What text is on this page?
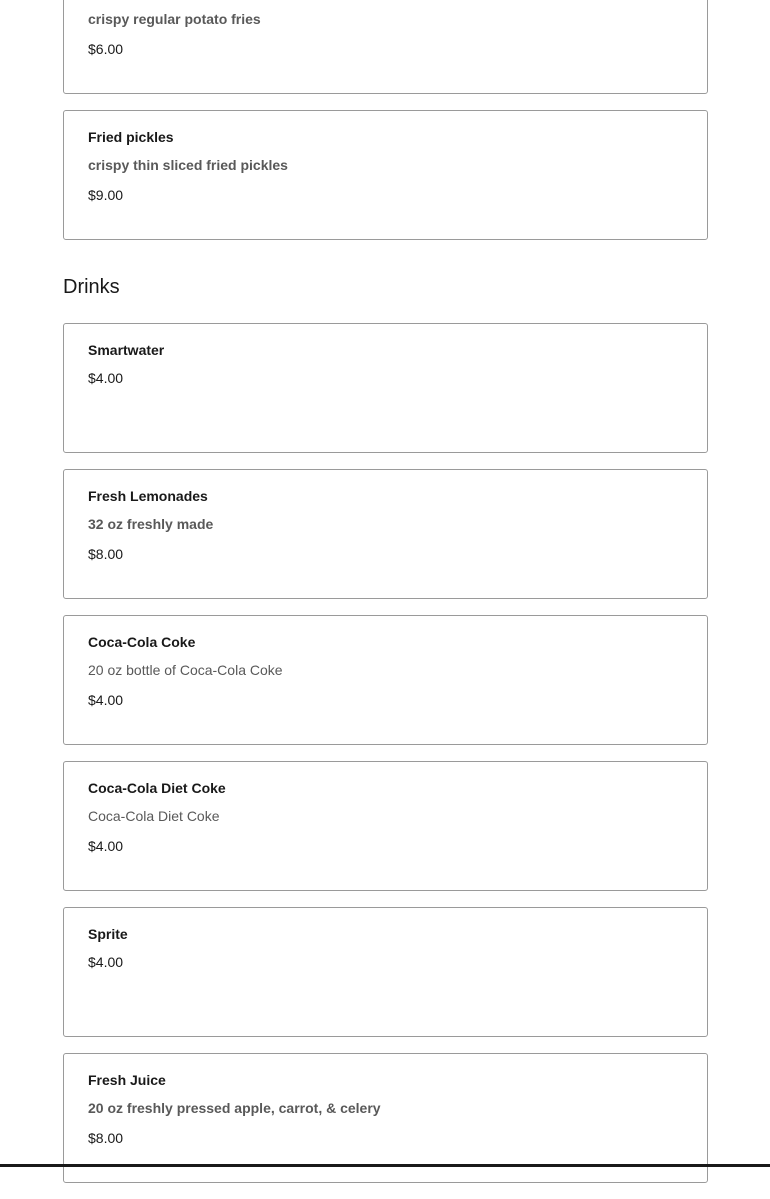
crispy regular potato fries
$6.00
Fried pickles
crispy thin sliced fried pickles
$9.00
Drinks
Smartwater
$4.00
Fresh Lemonades
32 oz freshly made
$8.00
Coca-Cola Coke
20 oz bottle of Coca-Cola Coke
$4.00
Coca-Cola Diet Coke
Coca-Cola Diet Coke
$4.00
Sprite
$4.00
Fresh Juice
20 oz freshly pressed apple, carrot, & celery
$8.00
